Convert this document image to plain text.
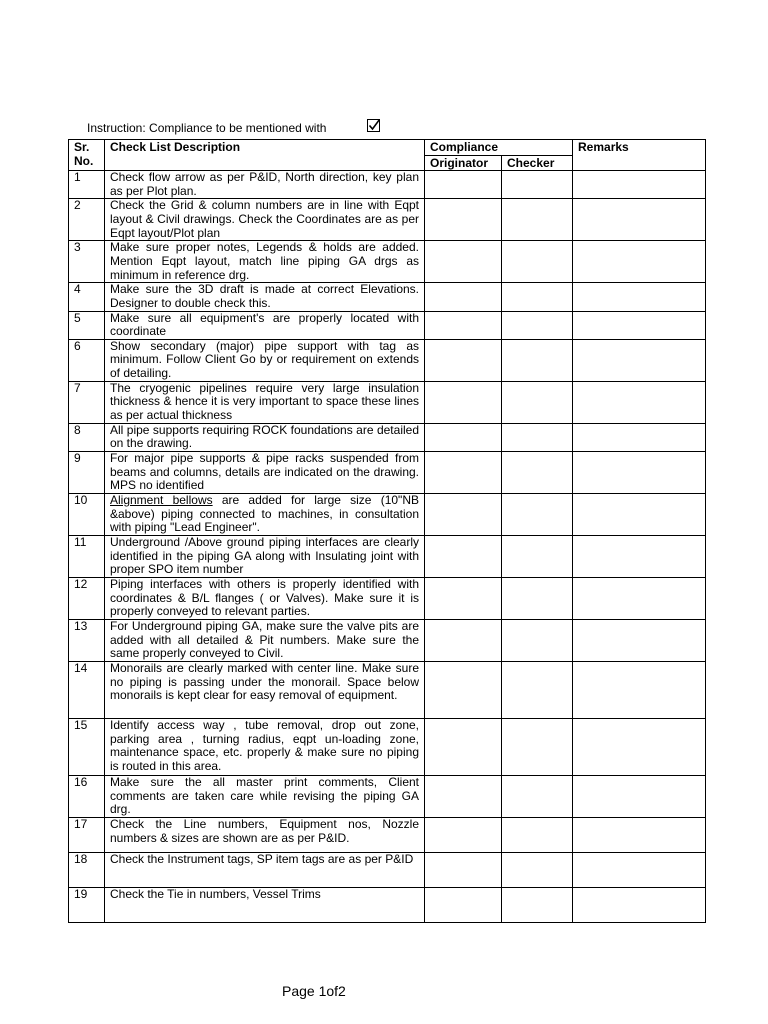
Instruction: Compliance to be mentioned with
Sr. No.	Check List Description	Compliance		Remarks
		Originator	Checker	
1	Check flow arrow as per P&ID, North direction, key plan as per Plot plan.			
2	Check the Grid & column numbers are in line with Eqpt layout & Civil drawings. Check the Coordinates are as per Eqpt layout/Plot plan			
3	Make sure proper notes, Legends & holds are added. Mention Eqpt layout, match line piping GA drgs as minimum in reference drg.			
4	Make sure the 3D draft is made at correct Elevations. Designer to double check this.			
5	Make sure all equipment's are properly located with coordinate			
6	Show secondary (major) pipe support with tag as minimum. Follow Client Go by or requirement on extends of detailing.			
7	The cryogenic pipelines require very large insulation thickness & hence it is very important to space these lines as per actual thickness			
8	All pipe supports requiring ROCK foundations are detailed on the drawing.			
9	For major pipe supports & pipe racks suspended from beams and columns, details are indicated on the drawing. MPS no identified			
10	Alignment bellows are added for large size (10"NB &above) piping connected to machines, in consultation with piping "Lead Engineer".			
11	Underground /Above ground piping interfaces are clearly identified in the piping GA along with Insulating joint with proper SPO item number			
12	Piping interfaces with others is properly identified with coordinates & B/L flanges ( or Valves). Make sure it is properly conveyed to relevant parties.			
13	For Underground piping GA, make sure the valve pits are added with all detailed & Pit numbers. Make sure the same properly conveyed to Civil.			
14	Monorails are clearly marked with center line. Make sure no piping is passing under the monorail. Space below monorails is kept clear for easy removal of equipment.			
15	Identify access way , tube removal, drop out zone, parking area , turning radius, eqpt un-loading zone, maintenance space, etc. properly & make sure no piping is routed in this area.			
16	Make sure the all master print comments, Client comments are taken care while revising the piping GA drg.			
17	Check the Line numbers, Equipment nos, Nozzle numbers & sizes are shown are as per P&ID.			
18	Check the Instrument tags, SP item tags are as per P&ID			
19	Check the Tie in numbers, Vessel Trims			
Page 1of2
